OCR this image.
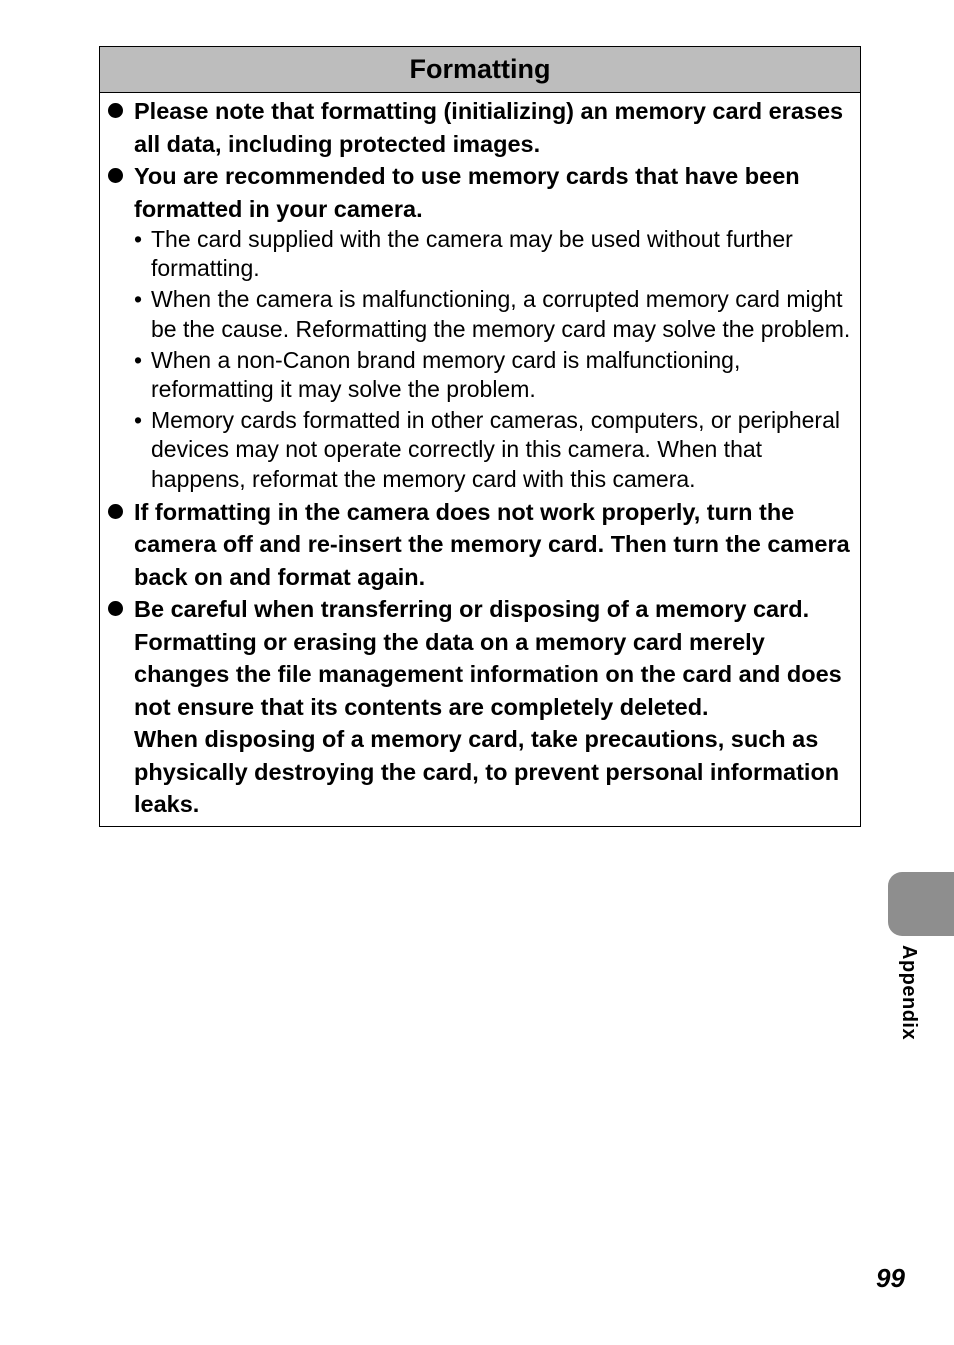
Formatting

Please note that formatting (initializing) an memory card erases all data, including protected images.

You are recommended to use memory cards that have been formatted in your camera.

• The card supplied with the camera may be used without further formatting.
• When the camera is malfunctioning, a corrupted memory card might be the cause. Reformatting the memory card may solve the problem.
• When a non-Canon brand memory card is malfunctioning, reformatting it may solve the problem.
• Memory cards formatted in other cameras, computers, or peripheral devices may not operate correctly in this camera. When that happens, reformat the memory card with this camera.

If formatting in the camera does not work properly, turn the camera off and re-insert the memory card. Then turn the camera back on and format again.

Be careful when transferring or disposing of a memory card. Formatting or erasing the data on a memory card merely changes the file management information on the card and does not ensure that its contents are completely deleted.

When disposing of a memory card, take precautions, such as physically destroying the card, to prevent personal information leaks.

Appendix
99
